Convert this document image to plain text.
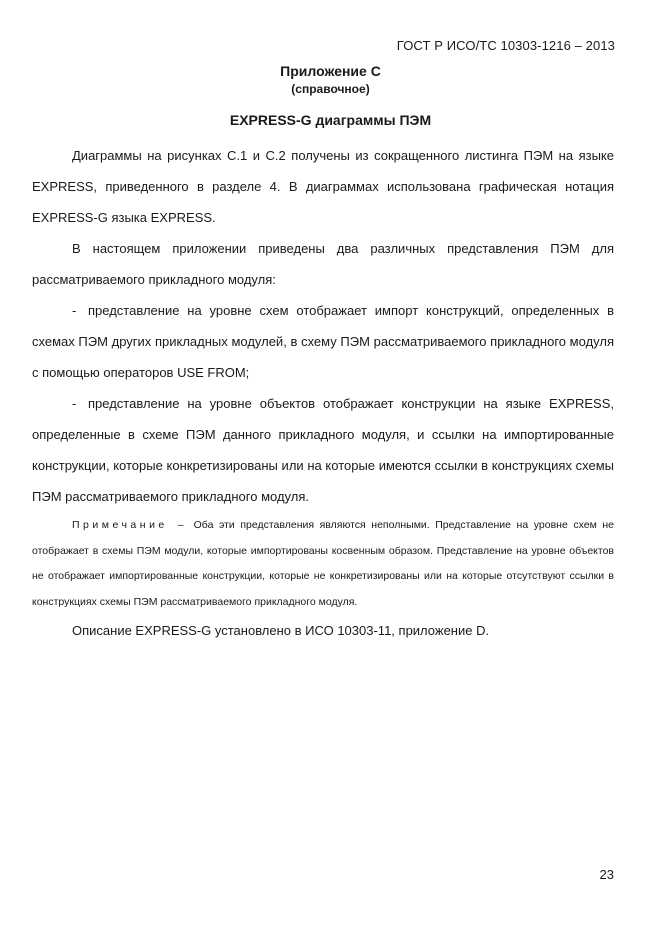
ГОСТ Р ИСО/ТС 10303-1216 – 2013
Приложение С
(справочное)
EXPRESS-G диаграммы ПЭМ

Диаграммы на рисунках С.1 и С.2 получены из сокращенного листинга ПЭМ на языке EXPRESS, приведенного в разделе 4. В диаграммах использована графическая нотация EXPRESS-G языка EXPRESS.

В настоящем приложении приведены два различных представления ПЭМ для рассматриваемого прикладного модуля:

- представление на уровне схем отображает импорт конструкций, определенных в схемах ПЭМ других прикладных модулей, в схему ПЭМ рассматриваемого прикладного модуля с помощью операторов USE FROM;

- представление на уровне объектов отображает конструкции на языке EXPRESS, определенные в схеме ПЭМ данного прикладного модуля, и ссылки на импортированные конструкции, которые конкретизированы или на которые имеются ссылки в конструкциях схемы ПЭМ рассматриваемого прикладного модуля.

Примечание – Оба эти представления являются неполными. Представление на уровне схем не отображает в схемы ПЭМ модули, которые импортированы косвенным образом. Представление на уровне объектов не отображает импортированные конструкции, которые не конкретизированы или на которые отсутствуют ссылки в конструкциях схемы ПЭМ рассматриваемого прикладного модуля.

Описание EXPRESS-G установлено в ИСО 10303-11, приложение D.

23
